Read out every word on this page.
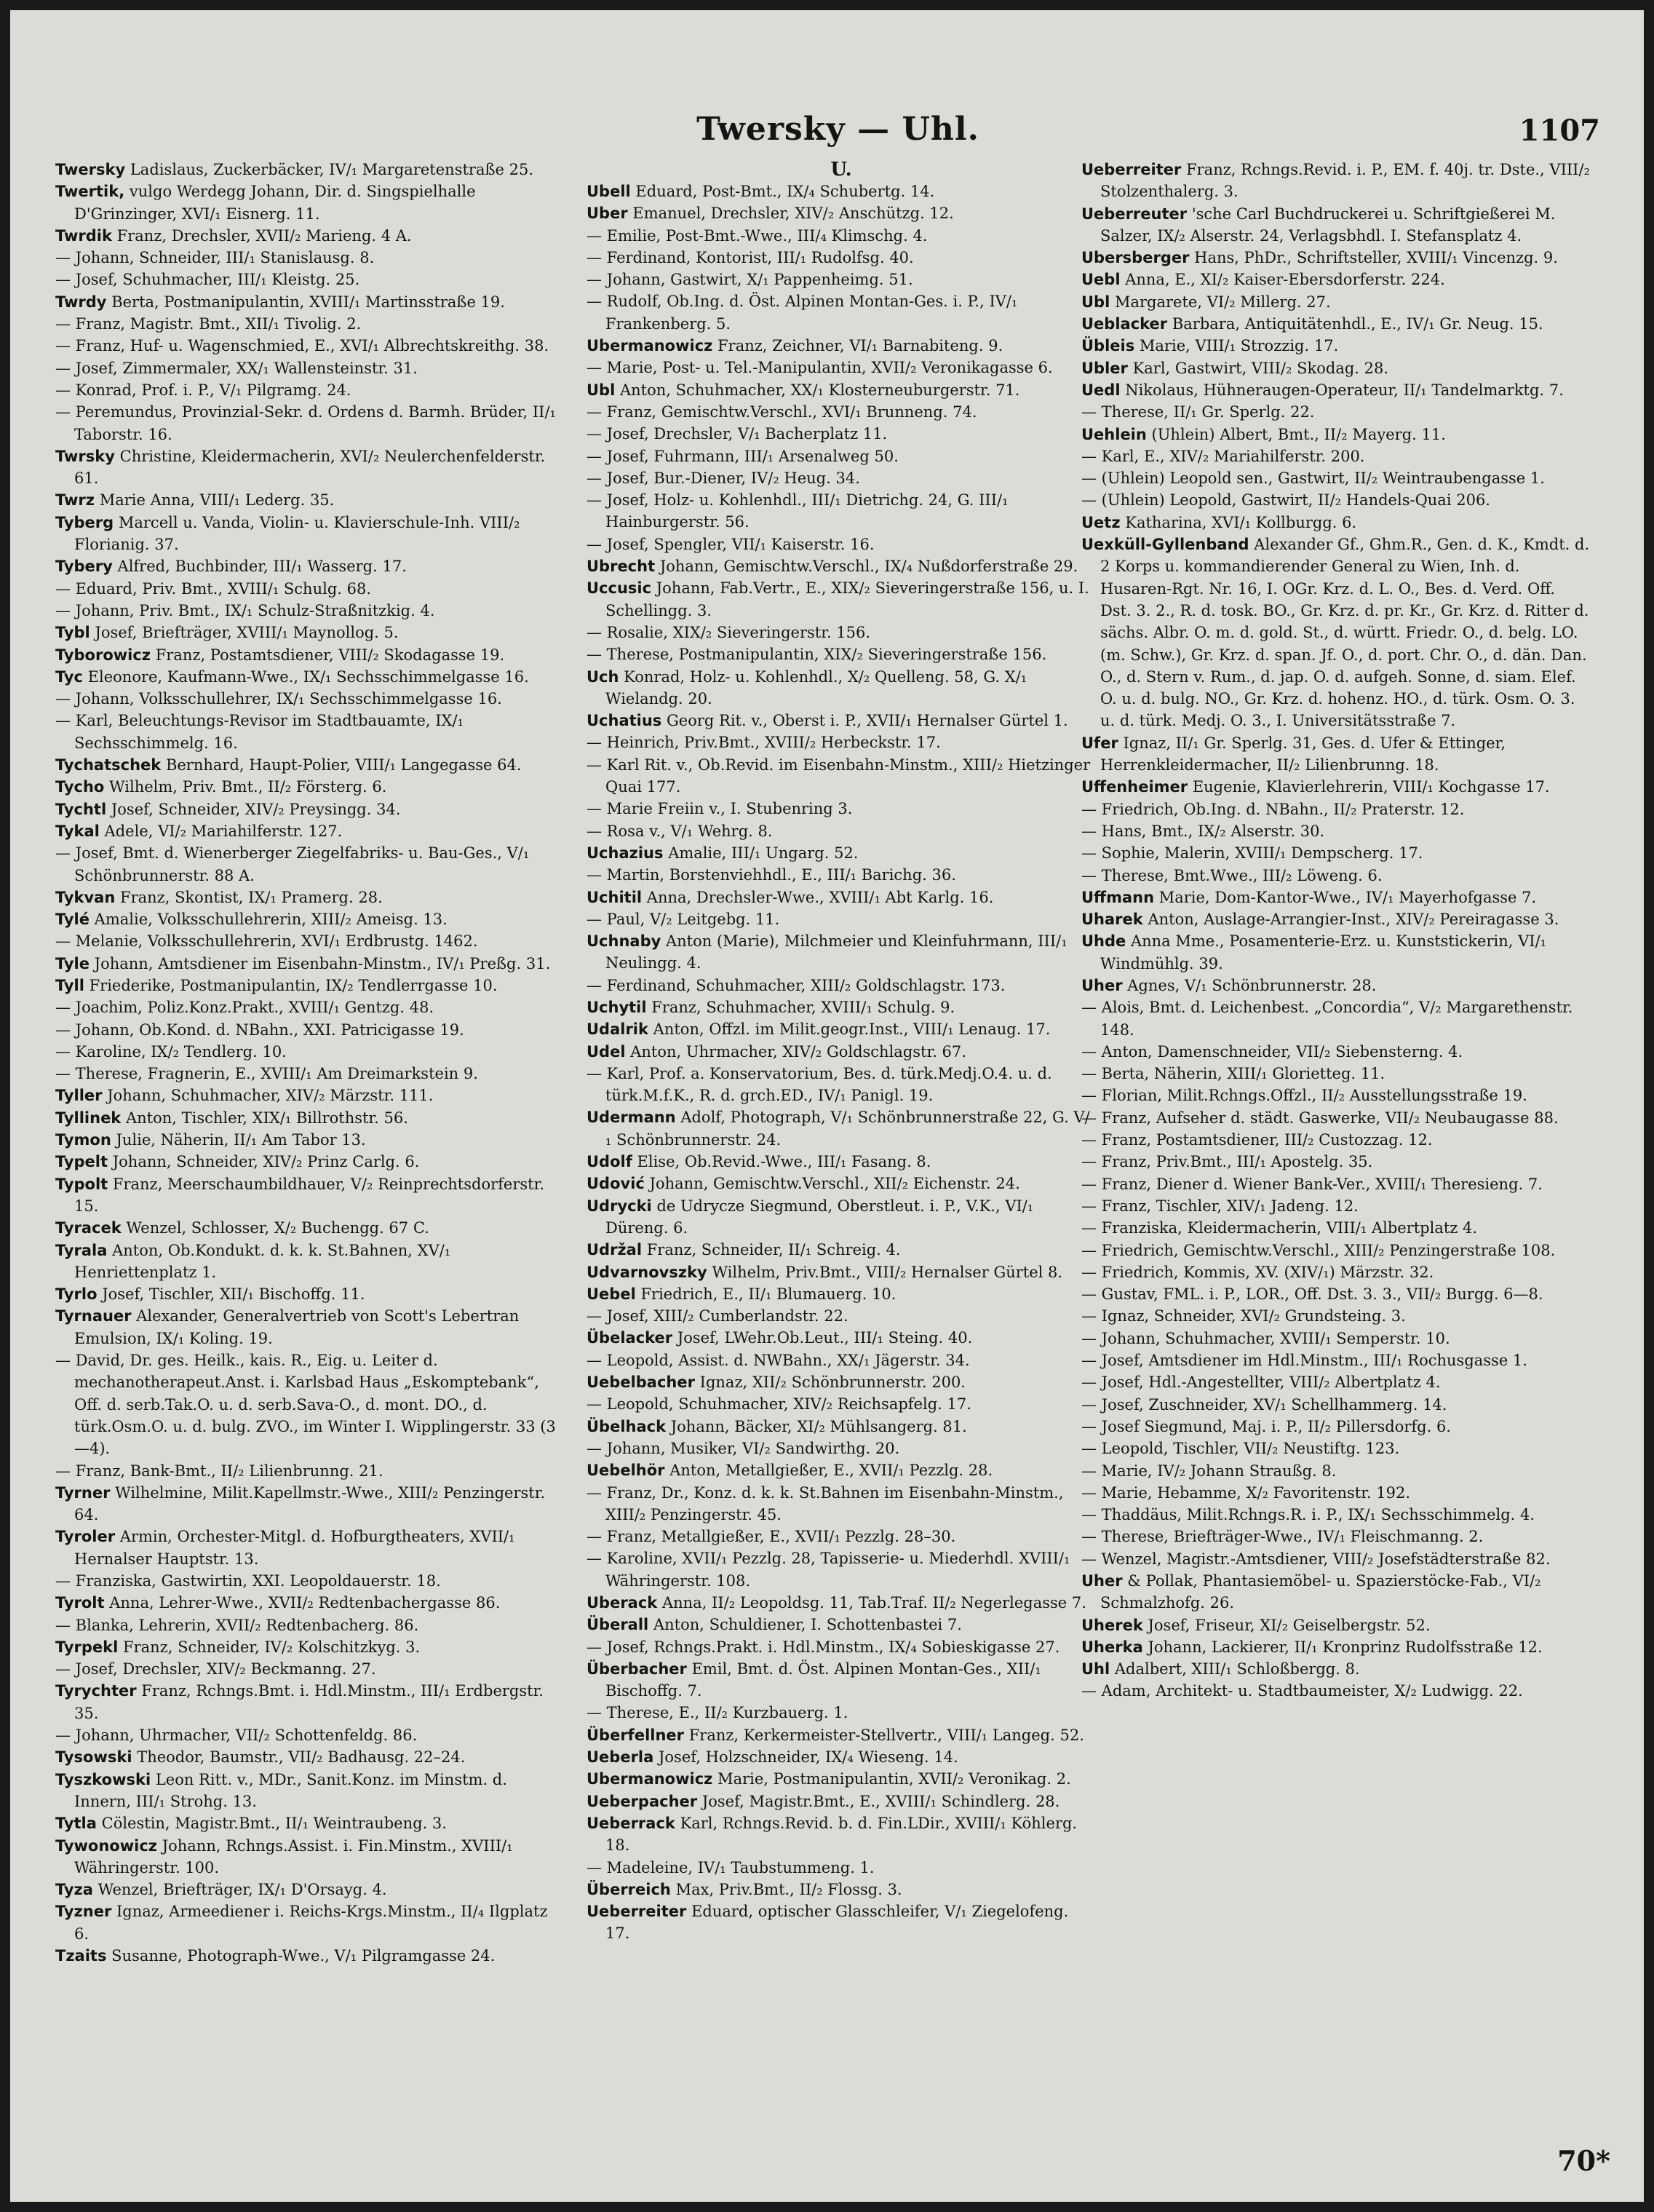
Twersky — Uhl.	1107

Twersky Ladislaus, Zuckerbäcker, IV/₁ Margaretenstraße 25.

Twertik, vulgo Werdegg Johann, Dir. d. Singspielhalle D'Grinzinger, XVI/₁ Eisnerg. 11.

Twrdik Franz, Drechsler, XVII/₂ Marieng. 4 A.

— Johann, Schneider, III/₁ Stanislausg. 8.

— Josef, Schuhmacher, III/₁ Kleistg. 25.

Twrdy Berta, Postmanipulantin, XVIII/₁ Martinsstraße 19.

— Franz, Magistr. Bmt., XII/₁ Tivolig. 2.

— Franz, Huf- u. Wagenschmied, E., XVI/₁ Albrechtskreithg. 38.

— Josef, Zimmermaler, XX/₁ Wallensteinstr. 31.

— Konrad, Prof. i. P., V/₁ Pilgramg. 24.

— Peremundus, Provinzial-Sekr. d. Ordens d. Barmh. Brüder, II/₁ Taborstr. 16.

Twrsky Christine, Kleidermacherin, XVI/₂ Neulerchenfelderstr. 61.

Twrz Marie Anna, VIII/₁ Lederg. 35.

Tyberg Marcell u. Vanda, Violin- u. Klavierschule-Inh. VIII/₂ Florianig. 37.

Tybery Alfred, Buchbinder, III/₁ Wasserg. 17.

— Eduard, Priv. Bmt., XVIII/₁ Schulg. 68.

— Johann, Priv. Bmt., IX/₁ Schulz-Straßnitzkig. 4.

Tybl Josef, Briefträger, XVIII/₁ Maynollog. 5.

Tyborowicz Franz, Postamtsdiener, VIII/₂ Skodagasse 19.

Tyc Eleonore, Kaufmann-Wwe., IX/₁ Sechsschimmelgasse 16.

— Johann, Volksschullehrer, IX/₁ Sechsschimmelgasse 16.

— Karl, Beleuchtungs-Revisor im Stadtbauamte, IX/₁ Sechsschimmelg. 16.

Tychatschek Bernhard, Haupt-Polier, VIII/₁ Langegasse 64.

Tycho Wilhelm, Priv. Bmt., II/₂ Försterg. 6.

Tychtl Josef, Schneider, XIV/₂ Preysingg. 34.

Tykal Adele, VI/₂ Mariahilferstr. 127.

— Josef, Bmt. d. Wienerberger Ziegelfabriks- u. Bau-Ges., V/₁ Schönbrunnerstr. 88 A.

Tykvan Franz, Skontist, IX/₁ Pramerg. 28.

Tylé Amalie, Volksschullehrerin, XIII/₂ Ameisg. 13.

— Melanie, Volksschullehrerin, XVI/₁ Erdbrustg. 1462.

Tyle Johann, Amtsdiener im Eisenbahn-Minstm., IV/₁ Preßg. 31.

Tyll Friederike, Postmanipulantin, IX/₂ Tendlerrgasse 10.

— Joachim, Poliz.Konz.Prakt., XVIII/₁ Gentzg. 48.

— Johann, Ob.Kond. d. NBahn., XXI. Patricigasse 19.

— Karoline, IX/₂ Tendlerg. 10.

— Therese, Fragnerin, E., XVIII/₁ Am Dreimarkstein 9.

Tyller Johann, Schuhmacher, XIV/₂ Märzstr. 111.

Tyllinek Anton, Tischler, XIX/₁ Billrothstr. 56.

Tymon Julie, Näherin, II/₁ Am Tabor 13.

Typelt Johann, Schneider, XIV/₂ Prinz Carlg. 6.

Typolt Franz, Meerschaumbildhauer, V/₂ Reinprechtsdorferstr. 15.

Tyracek Wenzel, Schlosser, X/₂ Buchengg. 67 C.

Tyrala Anton, Ob.Kondukt. d. k. k. St.Bahnen, XV/₁ Henriettenplatz 1.

Tyrlo Josef, Tischler, XII/₁ Bischoffg. 11.

Tyrnauer Alexander, Generalvertrieb von Scott's Lebertran Emulsion, IX/₁ Koling. 19.

— David, Dr. ges. Heilk., kais. R., Eig. u. Leiter d. mechanotherapeut.Anst. i. Karlsbad Haus „Eskomptebank“, Off. d. serb.Tak.O. u. d. serb.Sava-O., d. mont. DO., d. türk.Osm.O. u. d. bulg. ZVO., im Winter I. Wipplingerstr. 33 (3—4).

— Franz, Bank-Bmt., II/₂ Lilienbrunng. 21.

Tyrner Wilhelmine, Milit.Kapellmstr.-Wwe., XIII/₂ Penzingerstr. 64.

Tyroler Armin, Orchester-Mitgl. d. Hofburgtheaters, XVII/₁ Hernalser Hauptstr. 13.

— Franziska, Gastwirtin, XXI. Leopoldauerstr. 18.

Tyrolt Anna, Lehrer-Wwe., XVII/₂ Redtenbachergasse 86.

— Blanka, Lehrerin, XVII/₂ Redtenbacherg. 86.

Tyrpekl Franz, Schneider, IV/₂ Kolschitzkyg. 3.

— Josef, Drechsler, XIV/₂ Beckmanng. 27.

Tyrychter Franz, Rchngs.Bmt. i. Hdl.Minstm., III/₁ Erdbergstr. 35.

— Johann, Uhrmacher, VII/₂ Schottenfeldg. 86.

Tysowski Theodor, Baumstr., VII/₂ Badhausg. 22–24.

Tyszkowski Leon Ritt. v., MDr., Sanit.Konz. im Minstm. d. Innern, III/₁ Strohg. 13.

Tytla Cölestin, Magistr.Bmt., II/₁ Weintraubeng. 3.

Tywonowicz Johann, Rchngs.Assist. i. Fin.Minstm., XVIII/₁ Währingerstr. 100.

Tyza Wenzel, Briefträger, IX/₁ D'Orsayg. 4.

Tyzner Ignaz, Armeediener i. Reichs-Krgs.Minstm., II/₄ Ilgplatz 6.

Tzaits Susanne, Photograph-Wwe., V/₁ Pilgramgasse 24.

U.

Ubell Eduard, Post-Bmt., IX/₄ Schubertg. 14.

Uber Emanuel, Drechsler, XIV/₂ Anschützg. 12.

— Emilie, Post-Bmt.-Wwe., III/₄ Klimschg. 4.

— Ferdinand, Kontorist, III/₁ Rudolfsg. 40.

— Johann, Gastwirt, X/₁ Pappenheimg. 51.

— Rudolf, Ob.Ing. d. Öst. Alpinen Montan-Ges. i. P., IV/₁ Frankenberg. 5.

Ubermanowicz Franz, Zeichner, VI/₁ Barnabiteng. 9.

— Marie, Post- u. Tel.-Manipulantin, XVII/₂ Veronikagasse 6.

Ubl Anton, Schuhmacher, XX/₁ Klosterneuburgerstr. 71.

— Franz, Gemischtw.Verschl., XVI/₁ Brunneng. 74.

— Josef, Drechsler, V/₁ Bacherplatz 11.

— Josef, Fuhrmann, III/₁ Arsenalweg 50.

— Josef, Bur.-Diener, IV/₂ Heug. 34.

— Josef, Holz- u. Kohlenhdl., III/₁ Dietrichg. 24, G. III/₁ Hainburgerstr. 56.

— Josef, Spengler, VII/₁ Kaiserstr. 16.

Ubrecht Johann, Gemischtw.Verschl., IX/₄ Nußdorferstraße 29.

Uccusic Johann, Fab.Vertr., E., XIX/₂ Sieveringerstraße 156, u. I. Schellingg. 3.

— Rosalie, XIX/₂ Sieveringerstr. 156.

— Therese, Postmanipulantin, XIX/₂ Sieveringerstraße 156.

Uch Konrad, Holz- u. Kohlenhdl., X/₂ Quelleng. 58, G. X/₁ Wielandg. 20.

Uchatius Georg Rit. v., Oberst i. P., XVII/₁ Hernalser Gürtel 1.

— Heinrich, Priv.Bmt., XVIII/₂ Herbeckstr. 17.

— Karl Rit. v., Ob.Revid. im Eisenbahn-Minstm., XIII/₂ Hietzinger Quai 177.

— Marie Freiin v., I. Stubenring 3.

— Rosa v., V/₁ Wehrg. 8.

Uchazius Amalie, III/₁ Ungarg. 52.

— Martin, Borstenviehhdl., E., III/₁ Barichg. 36.

Uchitil Anna, Drechsler-Wwe., XVIII/₁ Abt Karlg. 16.

— Paul, V/₂ Leitgebg. 11.

Uchnaby Anton (Marie), Milchmeier und Kleinfuhrmann, III/₁ Neulingg. 4.

— Ferdinand, Schuhmacher, XIII/₂ Goldschlagstr. 173.

Uchytil Franz, Schuhmacher, XVIII/₁ Schulg. 9.

Udalrik Anton, Offzl. im Milit.geogr.Inst., VIII/₁ Lenaug. 17.

Udel Anton, Uhrmacher, XIV/₂ Goldschlagstr. 67.

— Karl, Prof. a. Konservatorium, Bes. d. türk.Medj.O.4. u. d. türk.M.f.K., R. d. grch.ED., IV/₁ Panigl. 19.

Udermann Adolf, Photograph, V/₁ Schönbrunnerstraße 22, G. V/₁ Schönbrunnerstr. 24.

Udolf Elise, Ob.Revid.-Wwe., III/₁ Fasang. 8.

Udović Johann, Gemischtw.Verschl., XII/₂ Eichenstr. 24.

Udrycki de Udrycze Siegmund, Oberstleut. i. P., V.K., VI/₁ Düreng. 6.

Udržal Franz, Schneider, II/₁ Schreig. 4.

Udvarnovszky Wilhelm, Priv.Bmt., VIII/₂ Hernalser Gürtel 8.

Uebel Friedrich, E., II/₁ Blumauerg. 10.

— Josef, XIII/₂ Cumberlandstr. 22.

Übelacker Josef, LWehr.Ob.Leut., III/₁ Steing. 40.

— Leopold, Assist. d. NWBahn., XX/₁ Jägerstr. 34.

Uebelbacher Ignaz, XII/₂ Schönbrunnerstr. 200.

— Leopold, Schuhmacher, XIV/₂ Reichsapfelg. 17.

Übelhack Johann, Bäcker, XI/₂ Mühlsangerg. 81.

— Johann, Musiker, VI/₂ Sandwirthg. 20.

Uebelhör Anton, Metallgießer, E., XVII/₁ Pezzlg. 28.

— Franz, Dr., Konz. d. k. k. St.Bahnen im Eisenbahn-Minstm., XIII/₂ Penzingerstr. 45.

— Franz, Metallgießer, E., XVII/₁ Pezzlg. 28–30.

— Karoline, XVII/₁ Pezzlg. 28, Tapisserie- u. Miederhdl. XVIII/₁ Währingerstr. 108.

Uberack Anna, II/₂ Leopoldsg. 11, Tab.Traf. II/₂ Negerlegasse 7.

Überall Anton, Schuldiener, I. Schottenbastei 7.

— Josef, Rchngs.Prakt. i. Hdl.Minstm., IX/₄ Sobieskigasse 27.

Überbacher Emil, Bmt. d. Öst. Alpinen Montan-Ges., XII/₁ Bischoffg. 7.

— Therese, E., II/₂ Kurzbauerg. 1.

Überfellner Franz, Kerkermeister-Stellvertr., VIII/₁ Langeg. 52.

Ueberla Josef, Holzschneider, IX/₄ Wieseng. 14.

Ubermanowicz Marie, Postmanipulantin, XVII/₂ Veronikag. 2.

Ueberpacher Josef, Magistr.Bmt., E., XVIII/₁ Schindlerg. 28.

Ueberrack Karl, Rchngs.Revid. b. d. Fin.LDir., XVIII/₁ Köhlerg. 18.

— Madeleine, IV/₁ Taubstummeng. 1.

Überreich Max, Priv.Bmt., II/₂ Flossg. 3.

Ueberreiter Eduard, optischer Glasschleifer, V/₁ Ziegelofeng. 17.

Ueberreiter Franz, Rchngs.Revid. i. P., EM. f. 40j. tr. Dste., VIII/₂ Stolzenthalerg. 3.

Ueberreuter 'sche Carl Buchdruckerei u. Schriftgießerei M. Salzer, IX/₂ Alserstr. 24, Verlagsbhdl. I. Stefansplatz 4.

Ubersberger Hans, PhDr., Schriftsteller, XVIII/₁ Vincenzg. 9.

Uebl Anna, E., XI/₂ Kaiser-Ebersdorferstr. 224.

Ubl Margarete, VI/₂ Millerg. 27.

Ueblacker Barbara, Antiquitätenhdl., E., IV/₁ Gr. Neug. 15.

Übleis Marie, VIII/₁ Strozzig. 17.

Ubler Karl, Gastwirt, VIII/₂ Skodag. 28.

Uedl Nikolaus, Hühneraugen-Operateur, II/₁ Tandelmarktg. 7.

— Therese, II/₁ Gr. Sperlg. 22.

Uehlein (Uhlein) Albert, Bmt., II/₂ Mayerg. 11.

— Karl, E., XIV/₂ Mariahilferstr. 200.

— (Uhlein) Leopold sen., Gastwirt, II/₂ Weintraubengasse 1.

— (Uhlein) Leopold, Gastwirt, II/₂ Handels-Quai 206.

Uetz Katharina, XVI/₁ Kollburgg. 6.

Uexküll-Gyllenband Alexander Gf., Ghm.R., Gen. d. K., Kmdt. d. 2 Korps u. kommandierender General zu Wien, Inh. d. Husaren-Rgt. Nr. 16, I. OGr. Krz. d. L. O., Bes. d. Verd. Off. Dst. 3. 2., R. d. tosk. BO., Gr. Krz. d. pr. Kr., Gr. Krz. d. Ritter d. sächs. Albr. O. m. d. gold. St., d. württ. Friedr. O., d. belg. LO. (m. Schw.), Gr. Krz. d. span. Jf. O., d. port. Chr. O., d. dän. Dan. O., d. Stern v. Rum., d. jap. O. d. aufgeh. Sonne, d. siam. Elef. O. u. d. bulg. NO., Gr. Krz. d. hohenz. HO., d. türk. Osm. O. 3. u. d. türk. Medj. O. 3., I. Universitätsstraße 7.

Ufer Ignaz, II/₁ Gr. Sperlg. 31, Ges. d. Ufer & Ettinger, Herrenkleidermacher, II/₂ Lilienbrunng. 18.

Uffenheimer Eugenie, Klavierlehrerin, VIII/₁ Kochgasse 17.

— Friedrich, Ob.Ing. d. NBahn., II/₂ Praterstr. 12.

— Hans, Bmt., IX/₂ Alserstr. 30.

— Sophie, Malerin, XVIII/₁ Dempscherg. 17.

— Therese, Bmt.Wwe., III/₂ Löweng. 6.

Uffmann Marie, Dom-Kantor-Wwe., IV/₁ Mayerhofgasse 7.

Uharek Anton, Auslage-Arrangier-Inst., XIV/₂ Pereiragasse 3.

Uhde Anna Mme., Posamenterie-Erz. u. Kunststickerin, VI/₁ Windmühlg. 39.

Uher Agnes, V/₁ Schönbrunnerstr. 28.

— Alois, Bmt. d. Leichenbest. „Concordia“, V/₂ Margarethenstr. 148.

— Anton, Damenschneider, VII/₂ Siebensterng. 4.

— Berta, Näherin, XIII/₁ Glorietteg. 11.

— Florian, Milit.Rchngs.Offzl., II/₂ Ausstellungsstraße 19.

— Franz, Aufseher d. städt. Gaswerke, VII/₂ Neubaugasse 88.

— Franz, Postamtsdiener, III/₂ Custozzag. 12.

— Franz, Priv.Bmt., III/₁ Apostelg. 35.

— Franz, Diener d. Wiener Bank-Ver., XVIII/₁ Theresieng. 7.

— Franz, Tischler, XIV/₁ Jadeng. 12.

— Franziska, Kleidermacherin, VIII/₁ Albertplatz 4.

— Friedrich, Gemischtw.Verschl., XIII/₂ Penzingerstraße 108.

— Friedrich, Kommis, XV. (XIV/₁) Märzstr. 32.

— Gustav, FML. i. P., LOR., Off. Dst. 3. 3., VII/₂ Burgg. 6—8.

— Ignaz, Schneider, XVI/₂ Grundsteing. 3.

— Johann, Schuhmacher, XVIII/₁ Semperstr. 10.

— Josef, Amtsdiener im Hdl.Minstm., III/₁ Rochusgasse 1.

— Josef, Hdl.-Angestellter, VIII/₂ Albertplatz 4.

— Josef, Zuschneider, XV/₁ Schellhammerg. 14.

— Josef Siegmund, Maj. i. P., II/₂ Pillersdorfg. 6.

— Leopold, Tischler, VII/₂ Neustiftg. 123.

— Marie, IV/₂ Johann Straußg. 8.

— Marie, Hebamme, X/₂ Favoritenstr. 192.

— Thaddäus, Milit.Rchngs.R. i. P., IX/₁ Sechsschimmelg. 4.

— Therese, Briefträger-Wwe., IV/₁ Fleischmanng. 2.

— Wenzel, Magistr.-Amtsdiener, VIII/₂ Josefstädterstraße 82.

Uher & Pollak, Phantasiemöbel- u. Spazierstöcke-Fab., VI/₂ Schmalzhofg. 26.

Uherek Josef, Friseur, XI/₂ Geiselbergstr. 52.

Uherka Johann, Lackierer, II/₁ Kronprinz Rudolfsstraße 12.

Uhl Adalbert, XIII/₁ Schloßbergg. 8.

— Adam, Architekt- u. Stadtbaumeister, X/₂ Ludwigg. 22.

70*
